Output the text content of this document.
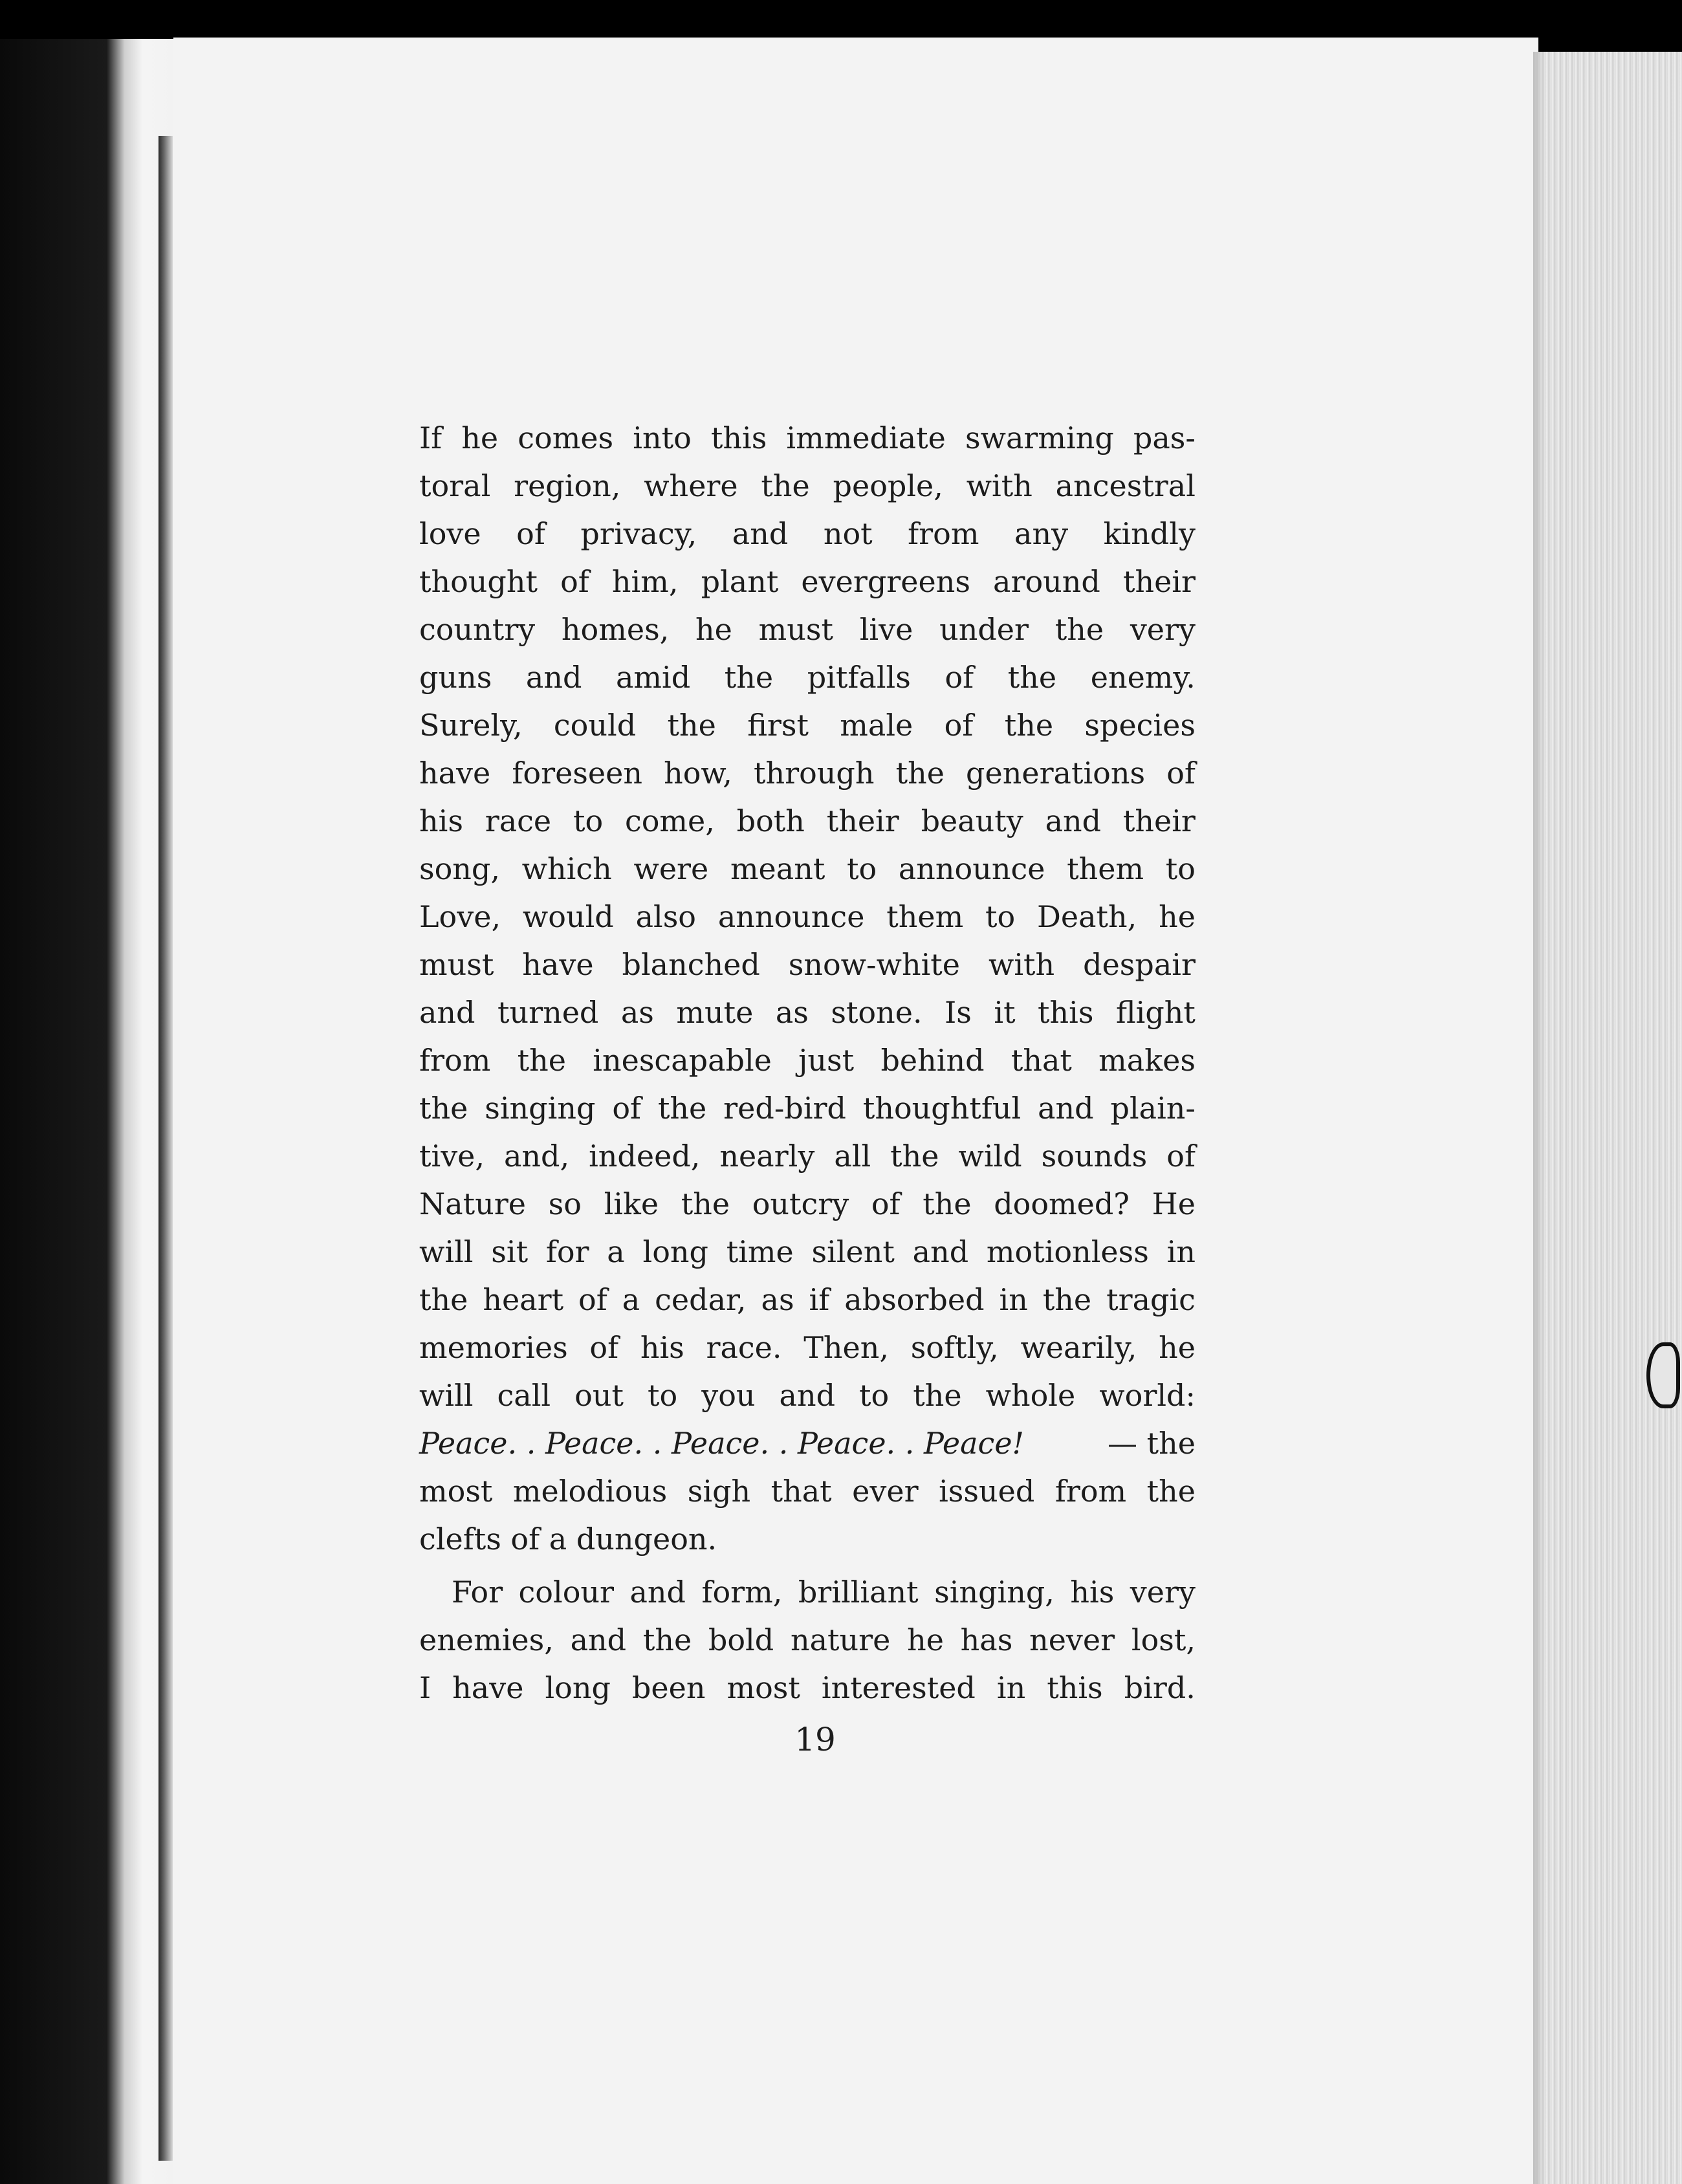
If he comes into this immediate swarming pas-
toral region, where the people, with ancestral
love of privacy, and not from any kindly
thought of him, plant evergreens around their
country homes, he must live under the very
guns and amid the pitfalls of the enemy.
Surely, could the first male of the species
have foreseen how, through the generations of
his race to come, both their beauty and their
song, which were meant to announce them to
Love, would also announce them to Death, he
must have blanched snow-white with despair
and turned as mute as stone. Is it this flight
from the inescapable just behind that makes
the singing of the red-bird thoughtful and plain-
tive, and, indeed, nearly all the wild sounds of
Nature so like the outcry of the doomed? He
will sit for a long time silent and motionless in
the heart of a cedar, as if absorbed in the tragic
memories of his race. Then, softly, wearily, he
will call out to you and to the whole world:
Peace. . Peace. . Peace. . Peace. . Peace!	— the
most melodious sigh that ever issued from the
clefts of a dungeon.
For colour and form, brilliant singing, his very
enemies, and the bold nature he has never lost,
I have long been most interested in this bird.
19
